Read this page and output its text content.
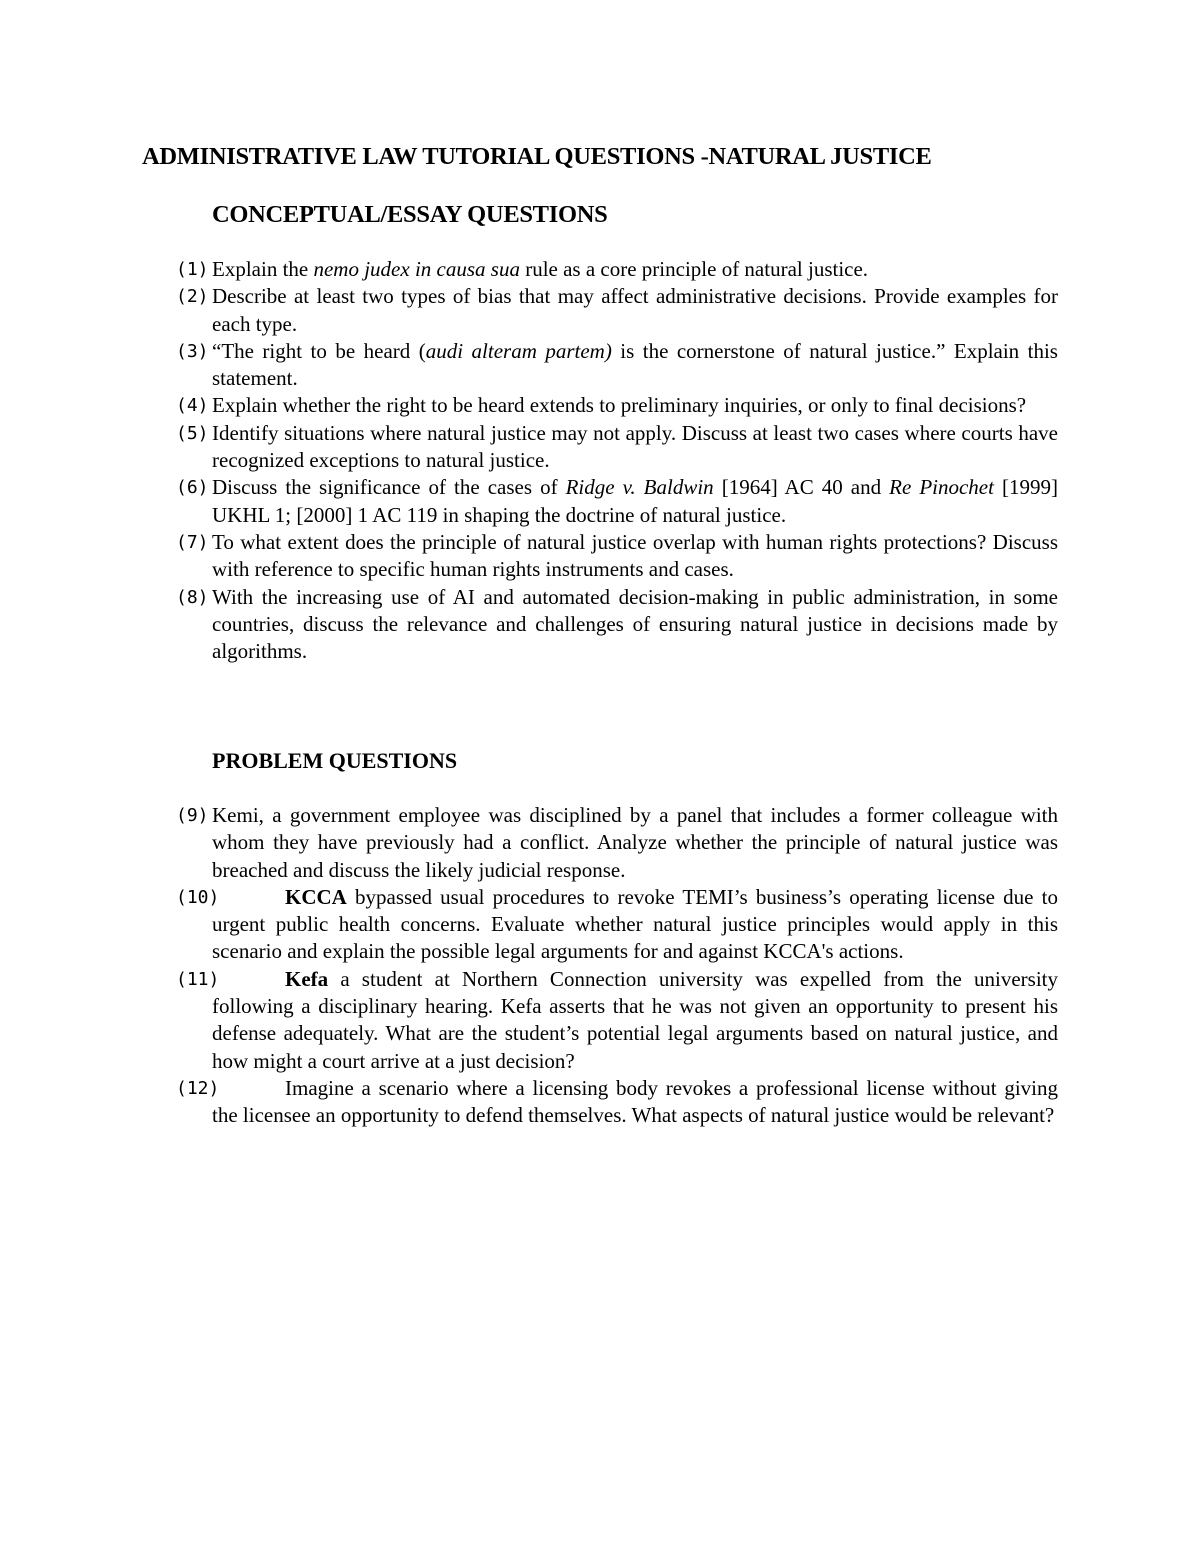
ADMINISTRATIVE LAW TUTORIAL QUESTIONS -NATURAL JUSTICE
CONCEPTUAL/ESSAY QUESTIONS
(1) Explain the nemo judex in causa sua rule as a core principle of natural justice.
(2) Describe at least two types of bias that may affect administrative decisions. Provide examples for each type.
(3) “The right to be heard (audi alteram partem) is the cornerstone of natural justice.” Explain this statement.
(4) Explain whether the right to be heard extends to preliminary inquiries, or only to final decisions?
(5) Identify situations where natural justice may not apply. Discuss at least two cases where courts have recognized exceptions to natural justice.
(6) Discuss the significance of the cases of Ridge v. Baldwin [1964] AC 40 and Re Pinochet [1999] UKHL 1; [2000] 1 AC 119 in shaping the doctrine of natural justice.
(7) To what extent does the principle of natural justice overlap with human rights protections? Discuss with reference to specific human rights instruments and cases.
(8) With the increasing use of AI and automated decision-making in public administration, in some countries, discuss the relevance and challenges of ensuring natural justice in decisions made by algorithms.
PROBLEM QUESTIONS
(9) Kemi, a government employee was disciplined by a panel that includes a former colleague with whom they have previously had a conflict. Analyze whether the principle of natural justice was breached and discuss the likely judicial response.
(10)	KCCA bypassed usual procedures to revoke TEMI’s business’s operating license due to urgent public health concerns. Evaluate whether natural justice principles would apply in this scenario and explain the possible legal arguments for and against KCCA's actions.
(11)	Kefa a student at Northern Connection university was expelled from the university following a disciplinary hearing. Kefa asserts that he was not given an opportunity to present his defense adequately. What are the student’s potential legal arguments based on natural justice, and how might a court arrive at a just decision?
(12)	Imagine a scenario where a licensing body revokes a professional license without giving the licensee an opportunity to defend themselves. What aspects of natural justice would be relevant?
